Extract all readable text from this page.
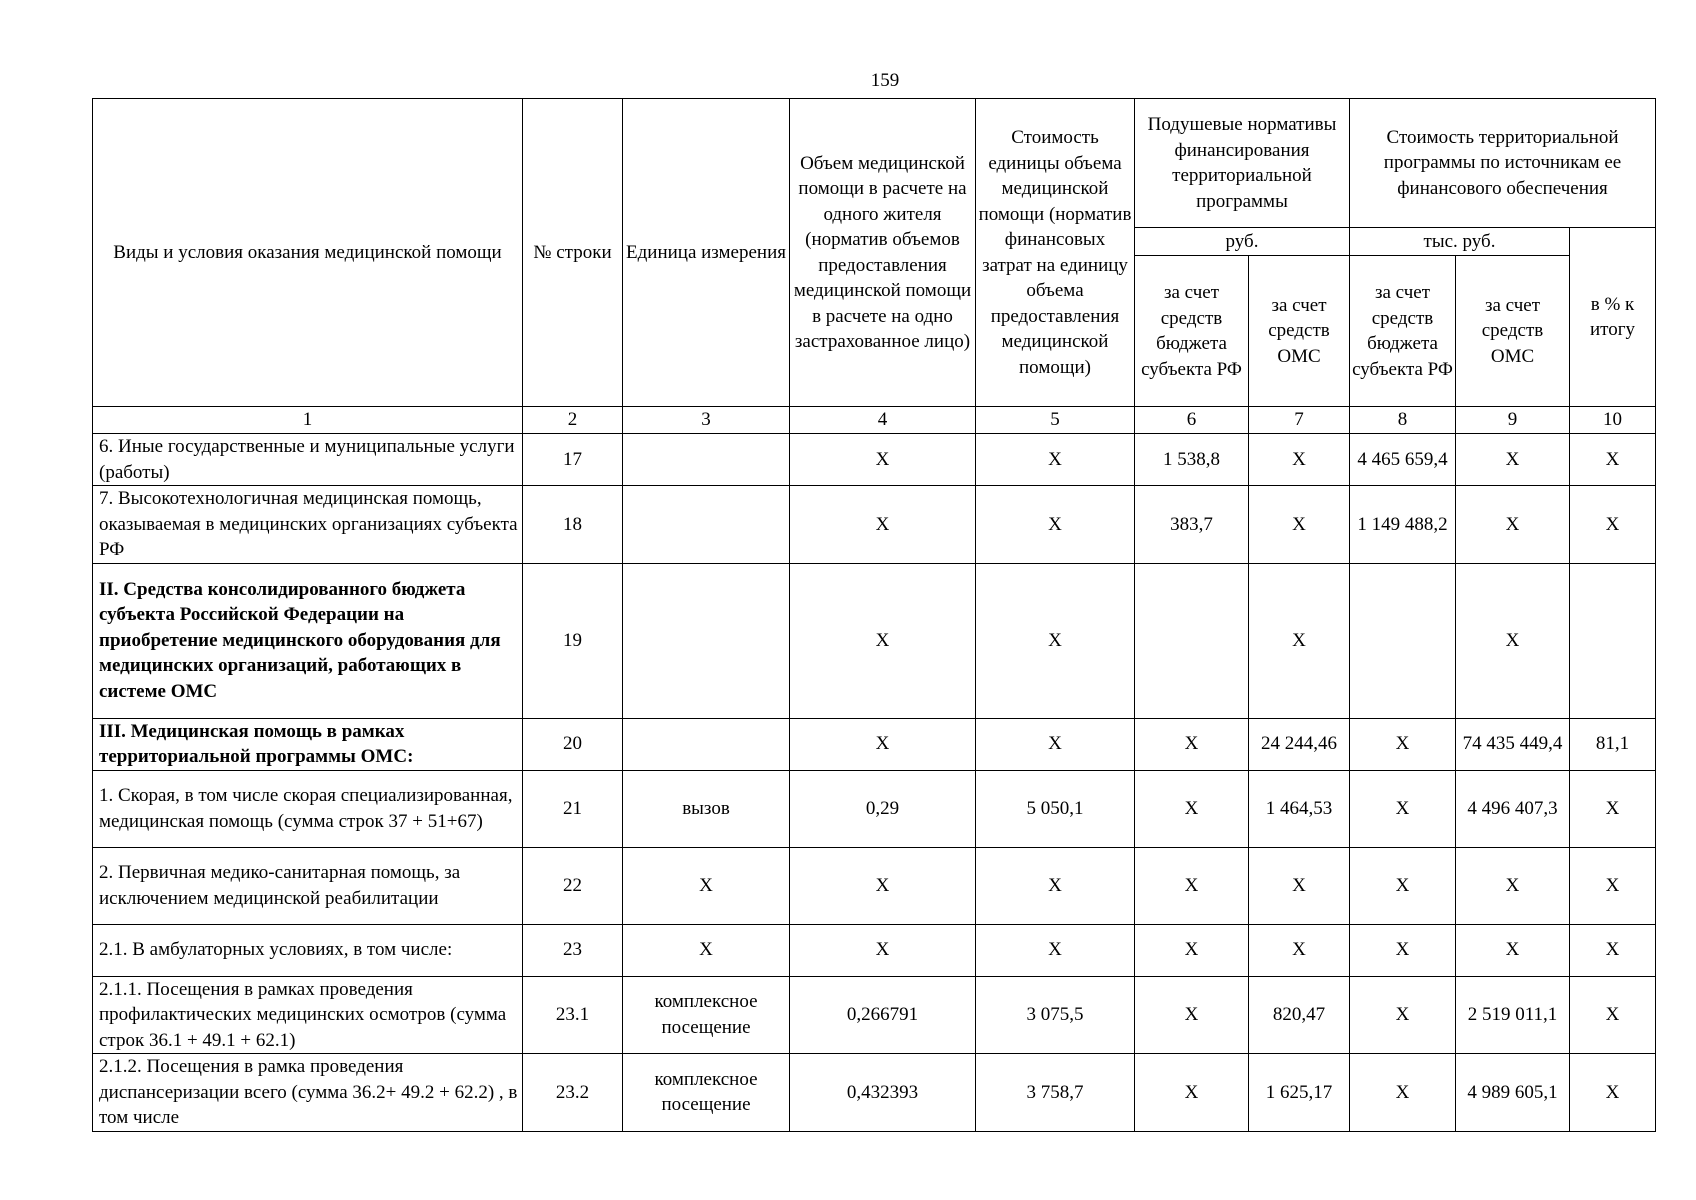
159
Виды и условия оказания медицинской помощи	№ строки	Единица измерения	Объем медицинской помощи в расчете на одного жителя (норматив объемов предоставления медицинской помощи в расчете на одно застрахованное лицо)	Стоимость единицы объема медицинской помощи (норматив финансовых затрат на единицу объема предоставления медицинской помощи)	Подушевые нормативы финансирования территориальной программы		Стоимость территориальной программы по источникам ее финансового обеспечения		
					руб.		тыс. руб.		в % к итогу
					за счет средств бюджета субъекта РФ	за счет средств ОМС	за счет средств бюджета субъекта РФ	за счет средств ОМС	
1	2	3	4	5	6	7	8	9	10
6. Иные государственные и муниципальные услуги (работы)	17		Х	Х	1 538,8	Х	4 465 659,4	Х	Х
7. Высокотехнологичная медицинская помощь, оказываемая в медицинских организациях субъекта РФ	18		Х	Х	383,7	Х	1 149 488,2	Х	Х
II. Средства консолидированного бюджета субъекта Российской Федерации на приобретение медицинского оборудования для медицинских организаций, работающих в системе ОМС	19		Х	Х		Х		Х	
III. Медицинская помощь в рамках территориальной программы ОМС:	20		Х	Х	Х	24 244,46	Х	74 435 449,4	81,1
1. Скорая, в том числе скорая специализированная, медицинская помощь (сумма строк 37 + 51+67)	21	вызов	0,29	5 050,1	Х	1 464,53	Х	4 496 407,3	Х
2. Первичная медико-санитарная помощь, за исключением медицинской реабилитации	22	Х	Х	Х	Х	Х	Х	Х	Х
2.1. В амбулаторных условиях, в том числе:	23	Х	Х	Х	Х	Х	Х	Х	Х
2.1.1. Посещения в рамках проведения профилактических медицинских осмотров (сумма строк 36.1 + 49.1 + 62.1)	23.1	комплексное посещение	0,266791	3 075,5	Х	820,47	Х	2 519 011,1	Х
2.1.2. Посещения в рамка проведения диспансеризации всего (сумма 36.2+ 49.2 + 62.2) , в том числе	23.2	комплексное посещение	0,432393	3 758,7	Х	1 625,17	Х	4 989 605,1	Х
